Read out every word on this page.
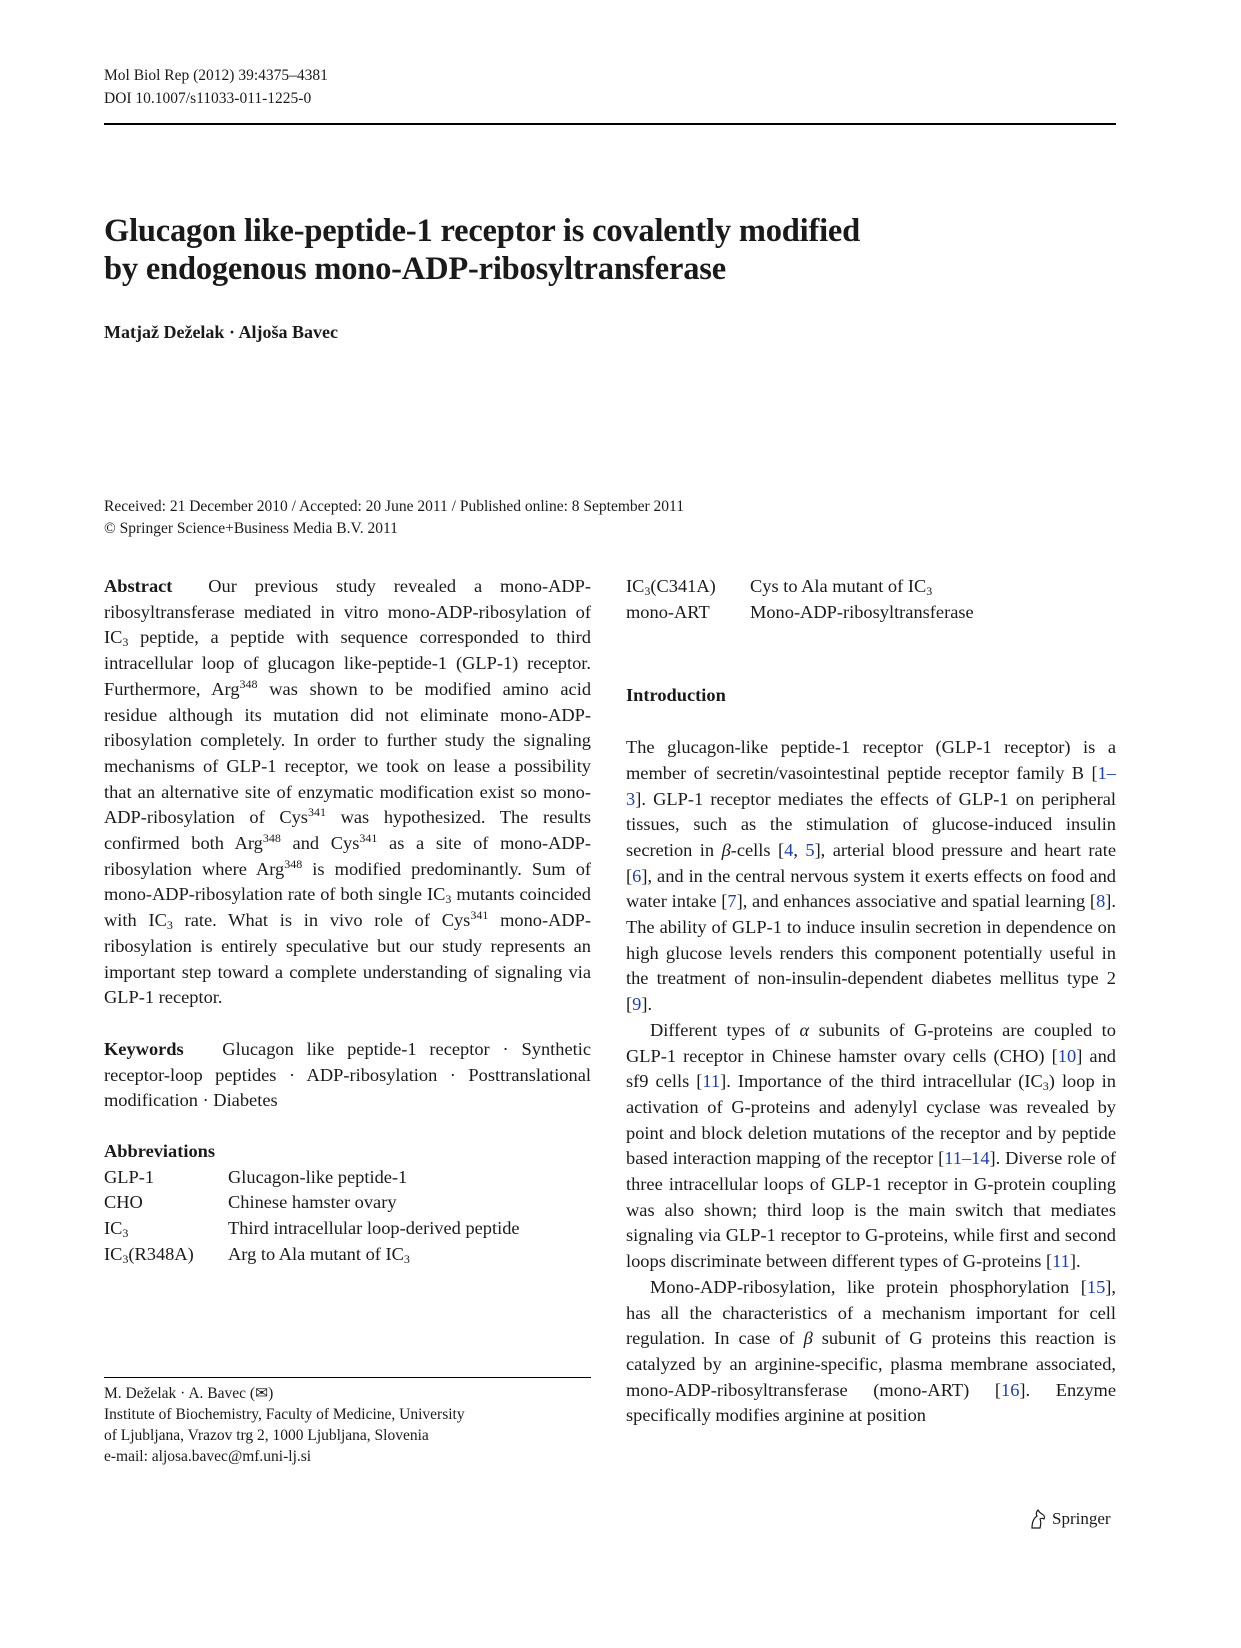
Mol Biol Rep (2012) 39:4375–4381
DOI 10.1007/s11033-011-1225-0
Glucagon like-peptide-1 receptor is covalently modified
by endogenous mono-ADP-ribosyltransferase
Matjaž Deželak · Aljoša Bavec
Received: 21 December 2010 / Accepted: 20 June 2011 / Published online: 8 September 2011
© Springer Science+Business Media B.V. 2011

Abstract Our previous study revealed a mono-ADP-ribosyltransferase mediated in vitro mono-ADP-ribosylation of $IC_3$ peptide, a peptide with sequence corresponded to third intracellular loop of glucagon like-peptide-1 (GLP-1) receptor. Furthermore, Arg$^{348}$ was shown to be modified amino acid residue although its mutation did not eliminate mono-ADP-ribosylation completely. In order to further study the signaling mechanisms of GLP-1 receptor, we took on lease a possibility that an alternative site of enzymatic modification exist so mono-ADP-ribosylation of Cys$^{341}$ was hypothesized. The results confirmed both Arg$^{348}$ and Cys$^{341}$ as a site of mono-ADP-ribosylation where Arg$^{348}$ is modified predominantly. Sum of mono-ADP-ribosylation rate of both single $IC_3$ mutants coincided with $IC_3$ rate. What is in vivo role of Cys$^{341}$ mono-ADP-ribosylation is entirely speculative but our study represents an important step toward a complete understanding of signaling via GLP-1 receptor.

Keywords Glucagon like peptide-1 receptor · Synthetic receptor-loop peptides · ADP-ribosylation · Posttranslational modification · Diabetes

Abbreviations
GLP-1	Glucagon-like peptide-1
CHO	Chinese hamster ovary
$IC_3$	Third intracellular loop-derived peptide
$IC_3(R348A)$	Arg to Ala mutant of $IC_3$
M. Deželak · A. Bavec (✉)
Institute of Biochemistry, Faculty of Medicine, University
of Ljubljana, Vrazov trg 2, 1000 Ljubljana, Slovenia
e-mail: aljosa.bavec@mf.uni-lj.si
$IC_3(C341A)$	Cys to Ala mutant of $IC_3$
mono-ART	Mono-ADP-ribosyltransferase
Introduction

The glucagon-like peptide-1 receptor (GLP-1 receptor) is a member of secretin/vasointestinal peptide receptor family B [1–3]. GLP-1 receptor mediates the effects of GLP-1 on peripheral tissues, such as the stimulation of glucose-induced insulin secretion in β-cells [4, 5], arterial blood pressure and heart rate [6], and in the central nervous system it exerts effects on food and water intake [7], and enhances associative and spatial learning [8]. The ability of GLP-1 to induce insulin secretion in dependence on high glucose levels renders this component potentially useful in the treatment of non-insulin-dependent diabetes mellitus type 2 [9].

Different types of α subunits of G-proteins are coupled to GLP-1 receptor in Chinese hamster ovary cells (CHO) [10] and sf9 cells [11]. Importance of the third intracellular $(IC_3)$ loop in activation of G-proteins and adenylyl cyclase was revealed by point and block deletion mutations of the receptor and by peptide based interaction mapping of the receptor [11–14]. Diverse role of three intracellular loops of GLP-1 receptor in G-protein coupling was also shown; third loop is the main switch that mediates signaling via GLP-1 receptor to G-proteins, while first and second loops discriminate between different types of G-proteins [11].

Mono-ADP-ribosylation, like protein phosphorylation [15], has all the characteristics of a mechanism important for cell regulation. In case of β subunit of G proteins this reaction is catalyzed by an arginine-specific, plasma membrane associated, mono-ADP-ribosyltransferase (mono-ART) [16]. Enzyme specifically modifies arginine at position

Springer
